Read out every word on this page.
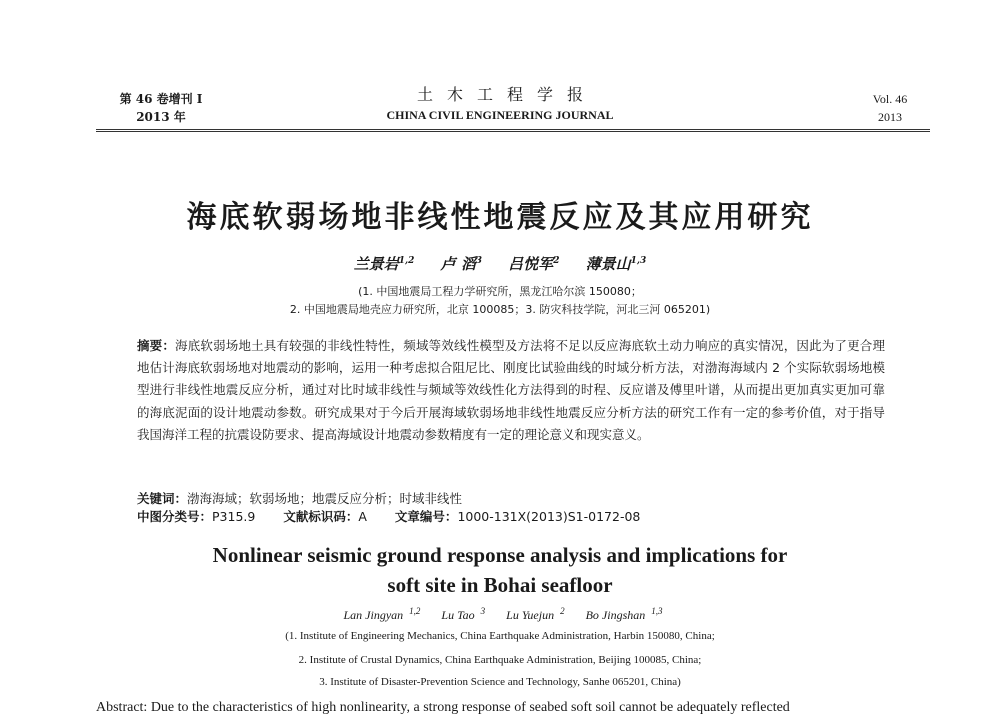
第 46 卷增刊 I
2013 年
土木工程学报
CHINA CIVIL ENGINEERING JOURNAL
Vol. 46
2013
海底软弱场地非线性地震反应及其应用研究
兰景岩$^{1,2}$ 卢 滔$^3$ 吕悦军$^2$ 薄景山$^{1,3}$
(1. 中国地震局工程力学研究所，黑龙江哈尔滨 150080；
2. 中国地震局地壳应力研究所，北京 100085；3. 防灾科技学院，河北三河 065201)
摘要：海底软弱场地土具有较强的非线性特性，频域等效线性模型及方法将不足以反应海底软土动力响应的真实情况，因此为了更合理地估计海底软弱场地对地震动的影响，运用一种考虑拟合阻尼比、刚度比试验曲线的时域分析方法，对渤海海域内 2 个实际软弱场地模型进行非线性地震反应分析，通过对比时域非线性与频域等效线性化方法得到的时程、反应谱及傅里叶谱，从而提出更加真实更加可靠的海底泥面的设计地震动参数。研究成果对于今后开展海域软弱场地非线性地震反应分析方法的研究工作有一定的参考价值，对于指导我国海洋工程的抗震设防要求、提高海域设计地震动参数精度有一定的理论意义和现实意义。
关键词：渤海海域；软弱场地；地震反应分析；时域非线性
中图分类号：P315.9 文献标识码：A 文章编号：1000-131X(2013)S1-0172-08
Nonlinear seismic ground response analysis and implications for
soft site in Bohai seafloor
Lan Jingyan $^{1,2}$ Lu Tao $^3$ Lu Yuejun $^2$ Bo Jingshan $^{1,3}$
(1. Institute of Engineering Mechanics, China Earthquake Administration, Harbin 150080, China;
2. Institute of Crustal Dynamics, China Earthquake Administration, Beijing 100085, China;
3. Institute of Disaster-Prevention Science and Technology, Sanhe 065201, China)
Abstract: Due to the characteristics of high nonlinearity, a strong response of seabed soft soil cannot be adequately reflected
